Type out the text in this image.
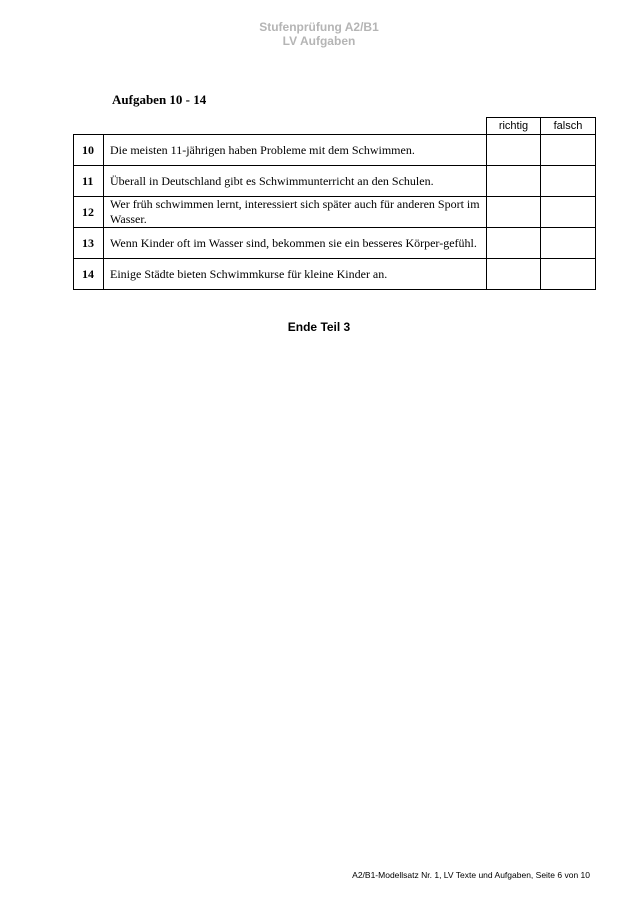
Stufenprüfung A2/B1
LV Aufgaben
Aufgaben 10 - 14
		richtig	falsch
10	Die meisten 11-jährigen haben Probleme mit dem Schwimmen.		
11	Überall in Deutschland gibt es Schwimmunterricht an den Schulen.		
12	Wer früh schwimmen lernt, interessiert sich später auch für anderen Sport im Wasser.		
13	Wenn Kinder oft im Wasser sind, bekommen sie ein besseres Körper-gefühl.		
14	Einige Städte bieten Schwimmkurse für kleine Kinder an.		
Ende Teil 3
A2/B1-Modellsatz Nr. 1, LV Texte und Aufgaben, Seite 6 von 10
